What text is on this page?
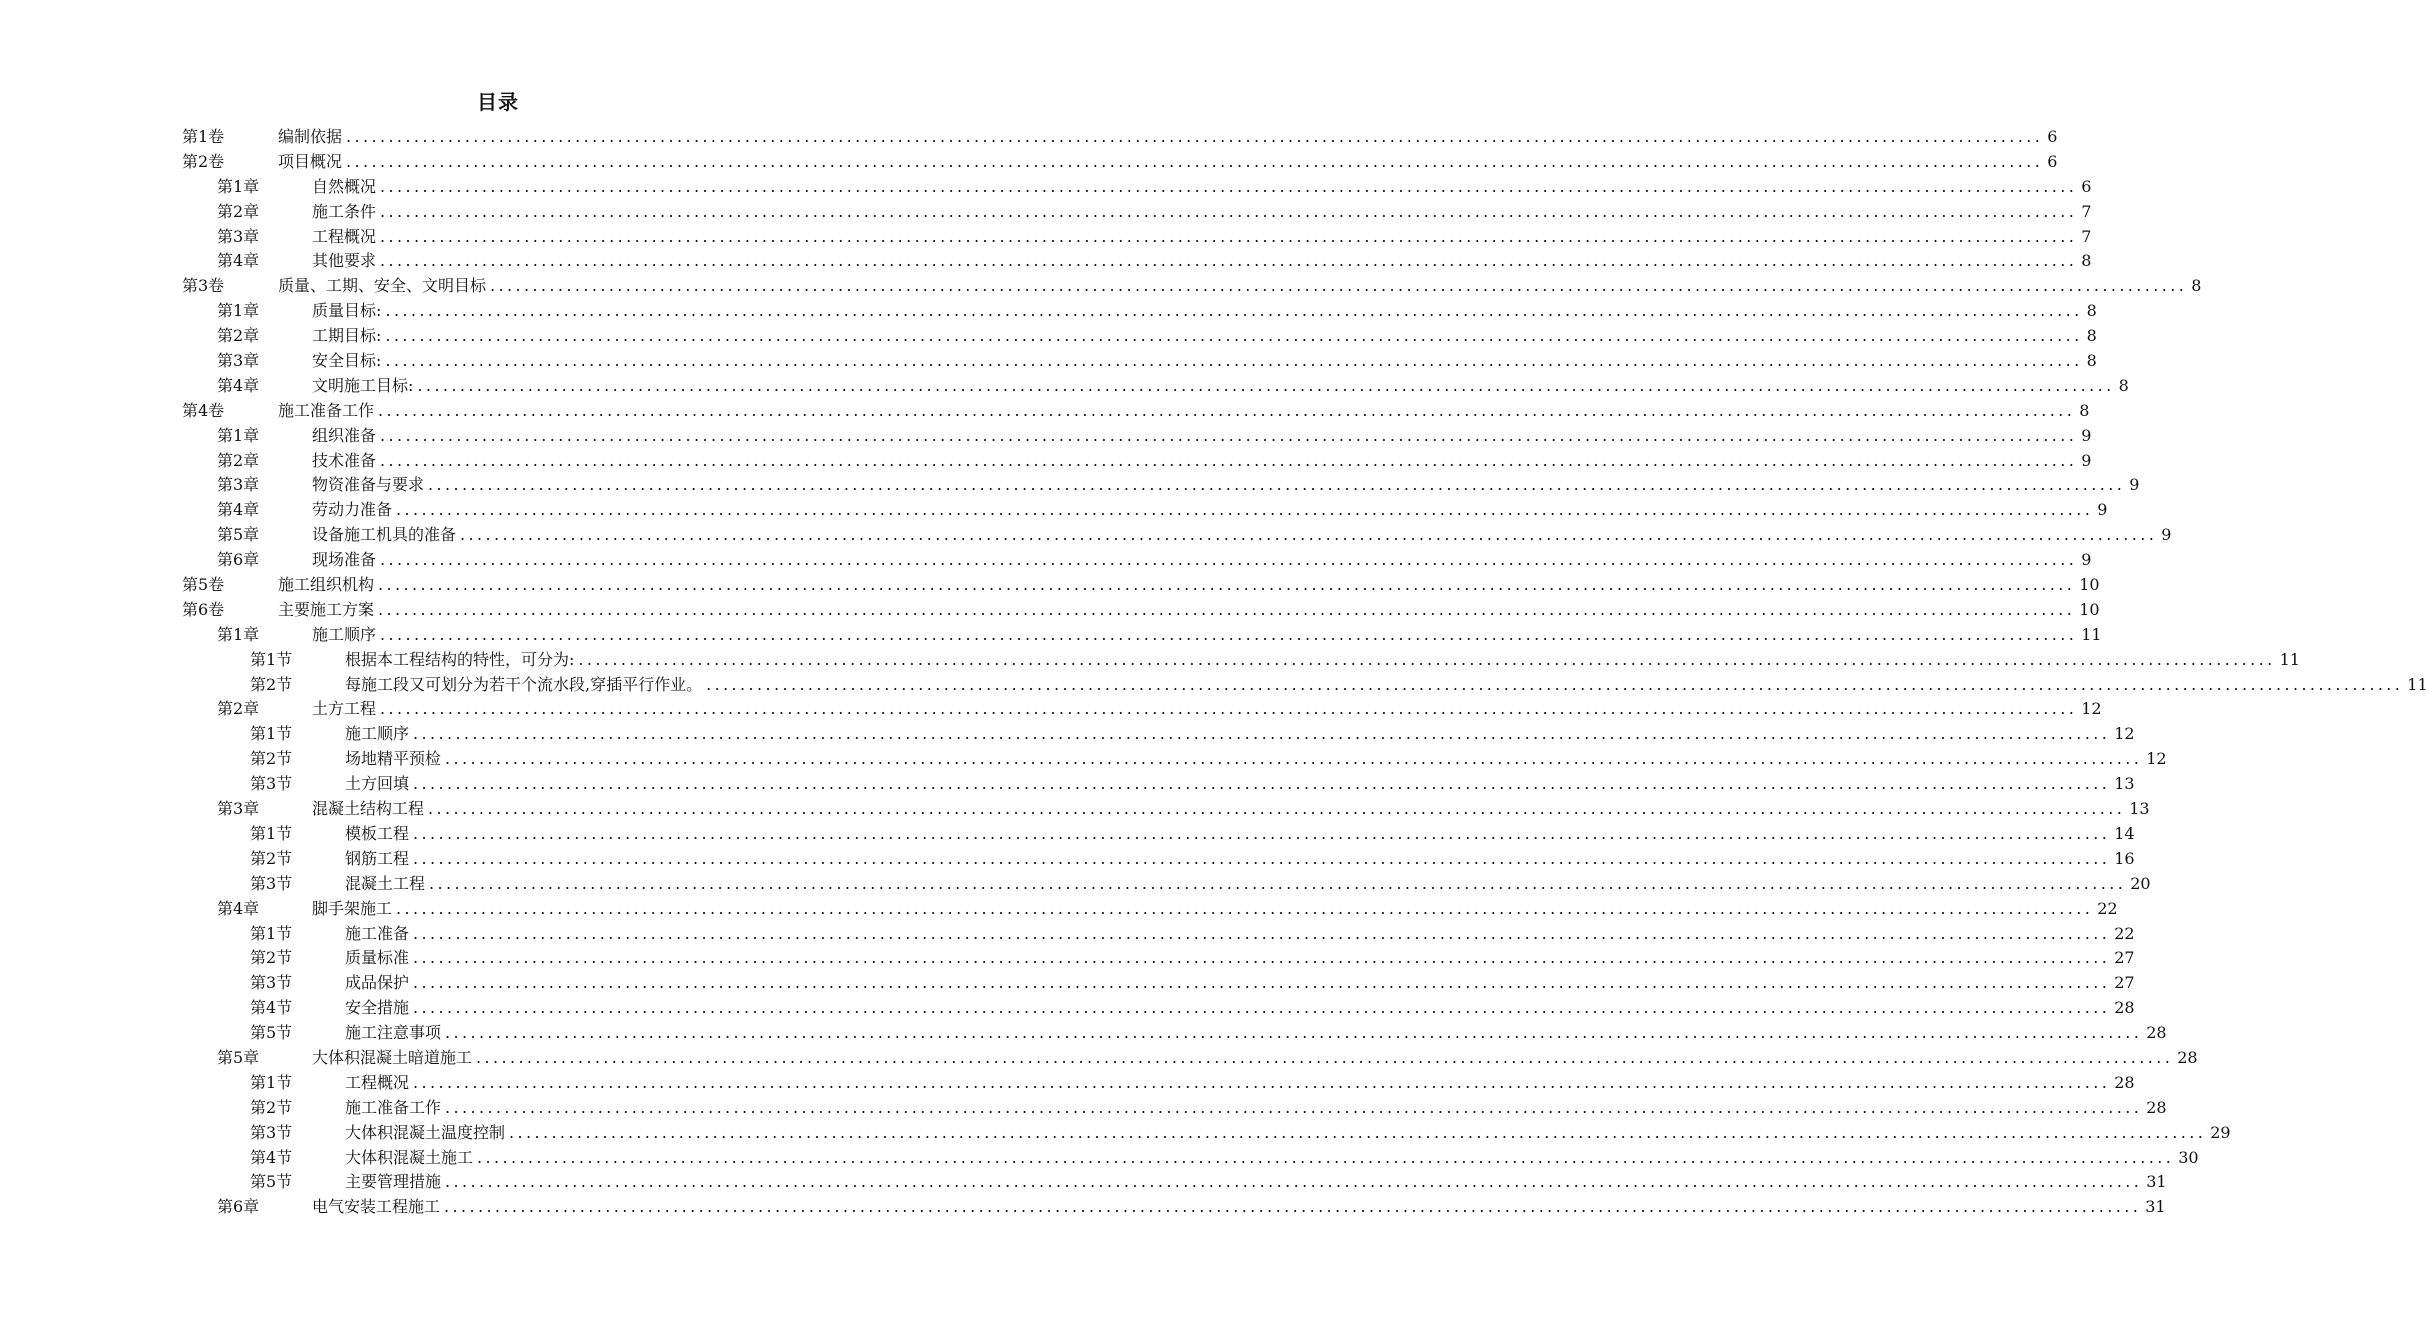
目录
第1卷	编制依据 ........................................................................................................................................................................................................ 6
第2卷	项目概况 ........................................................................................................................................................................................................ 6
第1章	自然概况 ........................................................................................................................................................................................................ 6
第2章	施工条件 ........................................................................................................................................................................................................ 7
第3章	工程概况 ........................................................................................................................................................................................................ 7
第4章	其他要求 ........................................................................................................................................................................................................ 8
第3卷	质量、工期、安全、文明目标 ........................................................................................................................................................................................................ 8
第1章	质量目标: ........................................................................................................................................................................................................ 8
第2章	工期目标: ........................................................................................................................................................................................................ 8
第3章	安全目标: ........................................................................................................................................................................................................ 8
第4章	文明施工目标: ........................................................................................................................................................................................................ 8
第4卷	施工准备工作 ........................................................................................................................................................................................................ 8
第1章	组织准备 ........................................................................................................................................................................................................ 9
第2章	技术准备 ........................................................................................................................................................................................................ 9
第3章	物资准备与要求 ........................................................................................................................................................................................................ 9
第4章	劳动力准备 ........................................................................................................................................................................................................ 9
第5章	设备施工机具的准备 ........................................................................................................................................................................................................ 9
第6章	现场准备 ........................................................................................................................................................................................................ 9
第5卷	施工组织机构 ........................................................................................................................................................................................................ 10
第6卷	主要施工方案 ........................................................................................................................................................................................................ 10
第1章	施工顺序 ........................................................................................................................................................................................................ 11
第1节	根据本工程结构的特性，可分为: ........................................................................................................................................................................................................ 11
第2节	每施工段又可划分为若干个流水段,穿插平行作业。 ........................................................................................................................................................................................................ 11
第2章	土方工程 ........................................................................................................................................................................................................ 12
第1节	施工顺序 ........................................................................................................................................................................................................ 12
第2节	场地精平预检 ........................................................................................................................................................................................................ 12
第3节	土方回填 ........................................................................................................................................................................................................ 13
第3章	混凝土结构工程 ........................................................................................................................................................................................................ 13
第1节	模板工程 ........................................................................................................................................................................................................ 14
第2节	钢筋工程 ........................................................................................................................................................................................................ 16
第3节	混凝土工程 ........................................................................................................................................................................................................ 20
第4章	脚手架施工 ........................................................................................................................................................................................................ 22
第1节	施工准备 ........................................................................................................................................................................................................ 22
第2节	质量标准 ........................................................................................................................................................................................................ 27
第3节	成品保护 ........................................................................................................................................................................................................ 27
第4节	安全措施 ........................................................................................................................................................................................................ 28
第5节	施工注意事项 ........................................................................................................................................................................................................ 28
第5章	大体积混凝土暗道施工 ........................................................................................................................................................................................................ 28
第1节	工程概况 ........................................................................................................................................................................................................ 28
第2节	施工准备工作 ........................................................................................................................................................................................................ 28
第3节	大体积混凝土温度控制 ........................................................................................................................................................................................................ 29
第4节	大体积混凝土施工 ........................................................................................................................................................................................................ 30
第5节	主要管理措施 ........................................................................................................................................................................................................ 31
第6章	电气安装工程施工 ........................................................................................................................................................................................................ 31
